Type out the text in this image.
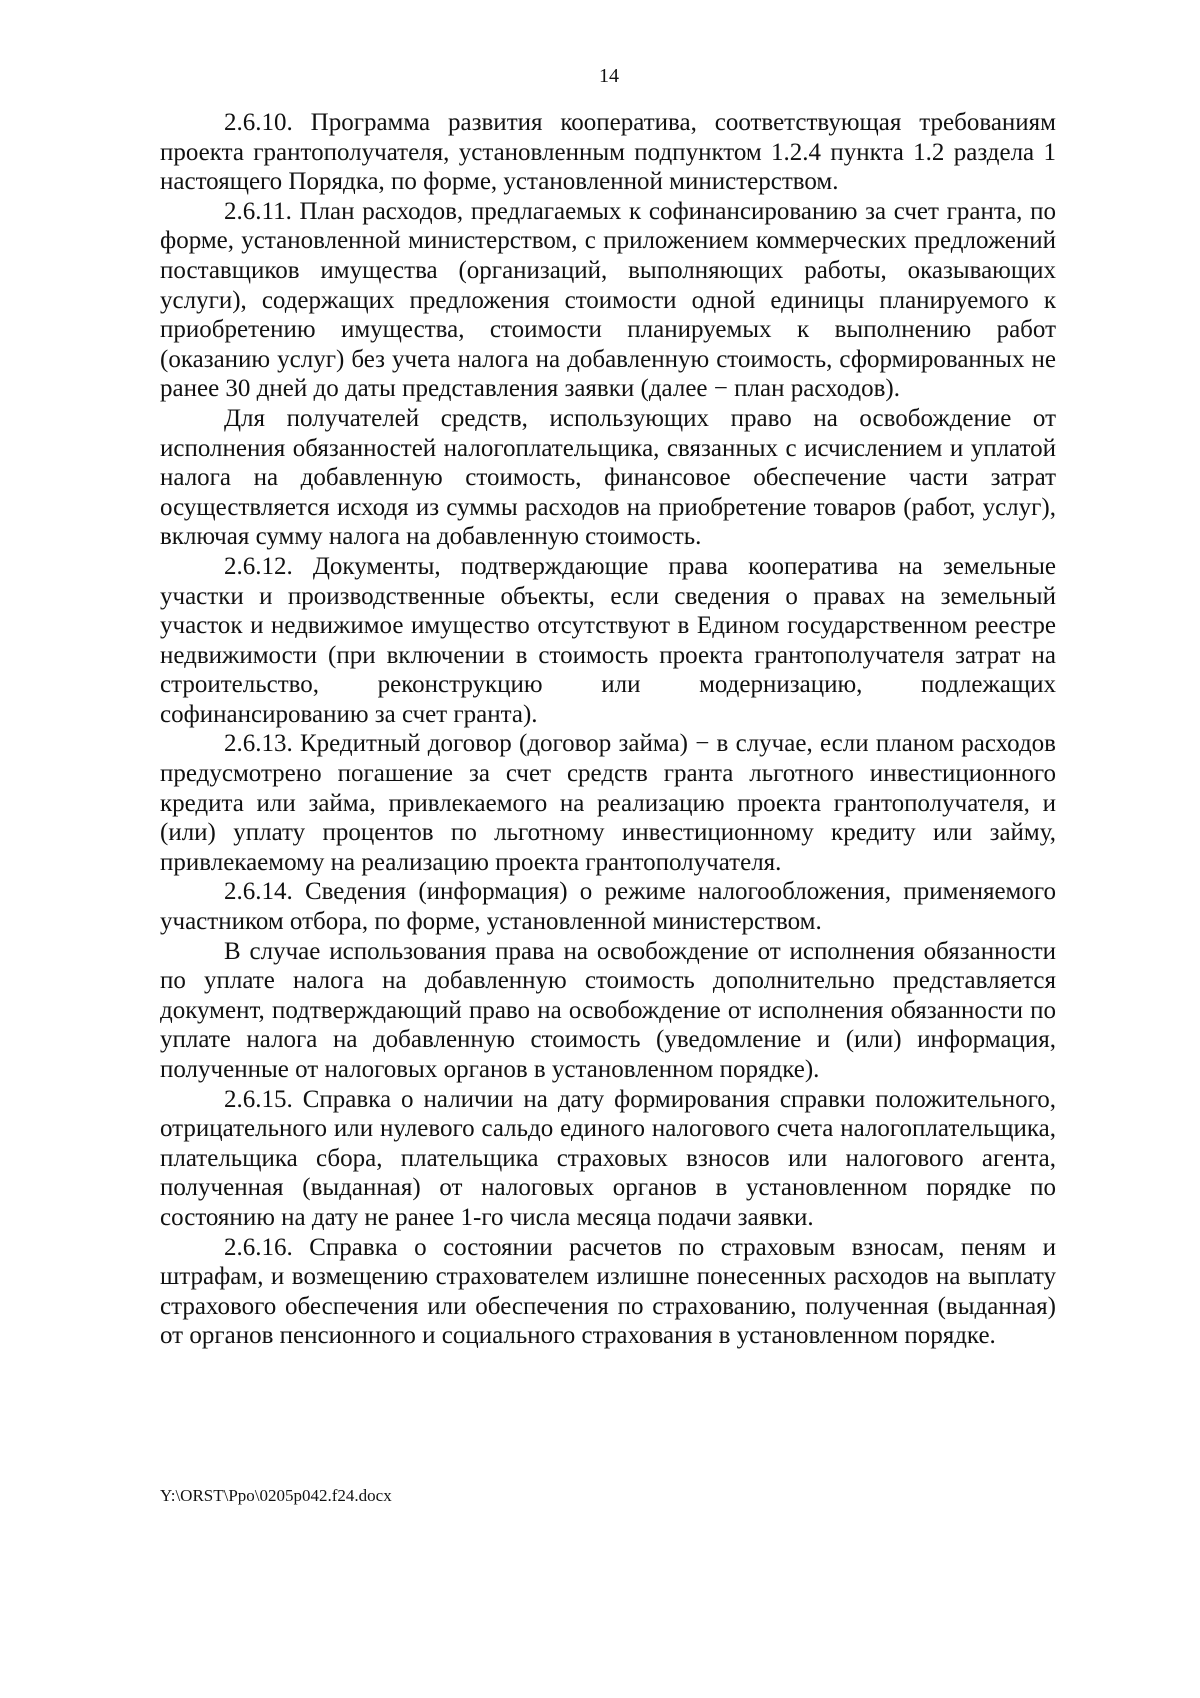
14

2.6.10. Программа развития кооператива, соответствующая требованиям проекта грантополучателя, установленным подпунктом 1.2.4 пункта 1.2 раздела 1 настоящего Порядка, по форме, установленной министерством.

2.6.11. План расходов, предлагаемых к софинансированию за счет гранта, по форме, установленной министерством, с приложением коммерческих предложений поставщиков имущества (организаций, выполняющих работы, оказывающих услуги), содержащих предложения стоимости одной единицы планируемого к приобретению имущества, стоимости планируемых к выполнению работ (оказанию услуг) без учета налога на добавленную стоимость, сформированных не ранее 30 дней до даты представления заявки (далее − план расходов).

Для получателей средств, использующих право на освобождение от исполнения обязанностей налогоплательщика, связанных с исчислением и уплатой налога на добавленную стоимость, финансовое обеспечение части затрат осуществляется исходя из суммы расходов на приобретение товаров (работ, услуг), включая сумму налога на добавленную стоимость.

2.6.12. Документы, подтверждающие права кооператива на земельные участки и производственные объекты, если сведения о правах на земельный участок и недвижимое имущество отсутствуют в Едином государственном реестре недвижимости (при включении в стоимость проекта грантополучателя затрат на строительство, реконструкцию или модернизацию, подлежащих софинансированию за счет гранта).

2.6.13. Кредитный договор (договор займа) − в случае, если планом расходов предусмотрено погашение за счет средств гранта льготного инвестиционного кредита или займа, привлекаемого на реализацию проекта грантополучателя, и (или) уплату процентов по льготному инвестиционному кредиту или займу, привлекаемому на реализацию проекта грантополучателя.

2.6.14. Сведения (информация) о режиме налогообложения, применяемого участником отбора, по форме, установленной министерством.

В случае использования права на освобождение от исполнения обязанности по уплате налога на добавленную стоимость дополнительно представляется документ, подтверждающий право на освобождение от исполнения обязанности по уплате налога на добавленную стоимость (уведомление и (или) информация, полученные от налоговых органов в установленном порядке).

2.6.15. Справка о наличии на дату формирования справки положительного, отрицательного или нулевого сальдо единого налогового счета налогоплательщика, плательщика сбора, плательщика страховых взносов или налогового агента, полученная (выданная) от налоговых органов в установленном порядке по состоянию на дату не ранее 1-го числа месяца подачи заявки.

2.6.16. Справка о состоянии расчетов по страховым взносам, пеням и штрафам, и возмещению страхователем излишне понесенных расходов на выплату страхового обеспечения или обеспечения по страхованию, полученная (выданная) от органов пенсионного и социального страхования в установленном порядке.

Y:\ORST\Ppo\0205p042.f24.docx
